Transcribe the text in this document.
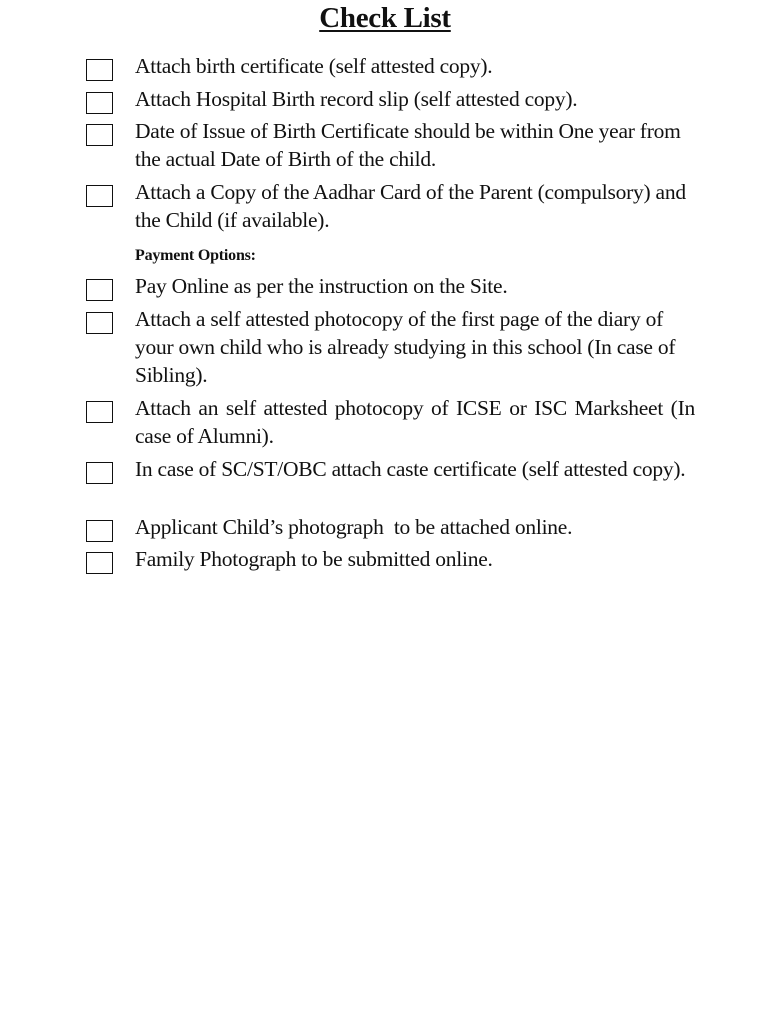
Check List
Attach birth certificate (self attested copy).
Attach Hospital Birth record slip (self attested copy).
Date of Issue of Birth Certificate should be within One year from the actual Date of Birth of the child.
Attach a Copy of the Aadhar Card of the Parent (compulsory) and the Child (if available).
Payment Options:
Pay Online as per the instruction on the Site.
Attach a self attested photocopy of the first page of the diary of your own child who is already studying in this school (In case of Sibling).
Attach an self attested photocopy of ICSE or ISC Marksheet (In case of Alumni).
In case of SC/ST/OBC attach caste certificate (self attested copy).
Applicant Child’s photograph  to be attached online.
Family Photograph to be submitted online.
